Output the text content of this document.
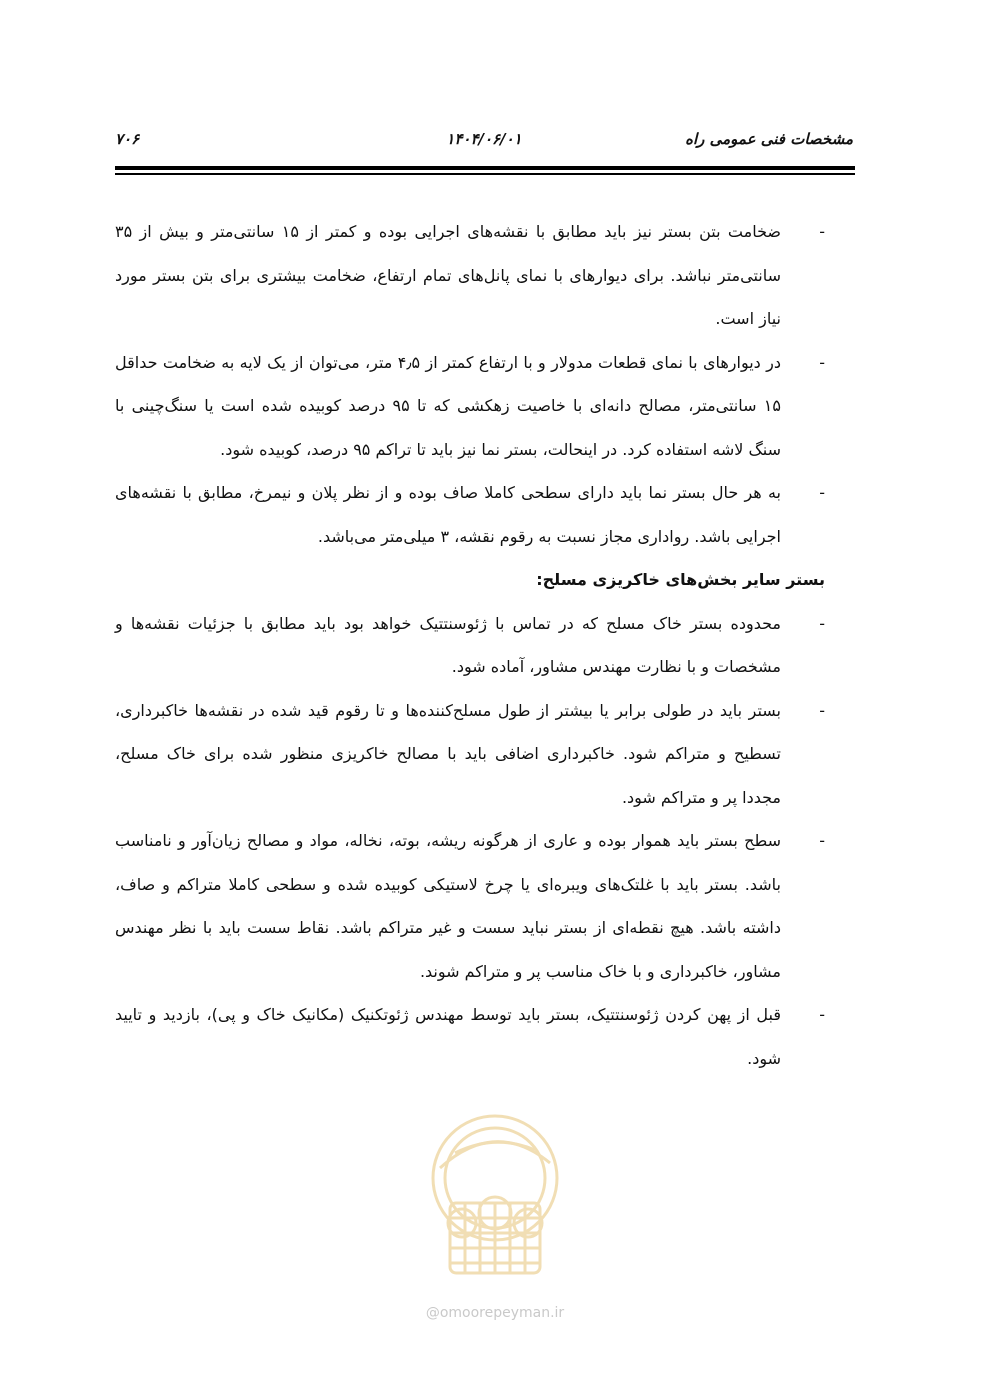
۷۰۶	۱۴۰۴/۰۶/۰۱	مشخصات فنی عمومی راه

-
ضخامت بتن بستر نیز باید مطابق با نقشه‌های اجرایی بوده و کمتر از ۱۵ سانتی‌متر و بیش از ۳۵ سانتی‌متر نباشد. برای دیوارهای با نمای پانل‌های تمام ارتفاع، ضخامت بیشتری برای بتن بستر مورد نیاز است.

-
در دیوارهای با نمای قطعات مدولار و با ارتفاع کمتر از ۴٫۵ متر، می‌توان از یک لایه به ضخامت حداقل ۱۵ سانتی‌متر، مصالح دانه‌ای با خاصیت زهکشی که تا ۹۵ درصد کوبیده شده است یا سنگ‌چینی با سنگ لاشه استفاده کرد. در اینحالت، بستر نما نیز باید تا تراکم ۹۵ درصد، کوبیده شود.

-
به هر حال بستر نما باید دارای سطحی کاملا صاف بوده و از نظر پلان و نیمرخ، مطابق با نقشه‌های اجرایی باشد. رواداری مجاز نسبت به رقوم نقشه، ۳ میلی‌متر می‌باشد.

بستر سایر بخش‌های خاکریزی مسلح:

-
محدوده بستر خاک مسلح که در تماس با ژئوسنتتیک خواهد بود باید مطابق با جزئیات نقشه‌ها و مشخصات و با نظارت مهندس مشاور، آماده شود.

-
بستر باید در طولی برابر یا بیشتر از طول مسلح‌کننده‌ها و تا رقوم قید شده در نقشه‌ها خاکبرداری، تسطیح و متراکم شود. خاکبرداری اضافی باید با مصالح خاکریزی منظور شده برای خاک مسلح، مجددا پر و متراکم شود.

-
سطح بستر باید هموار بوده و عاری از هرگونه ریشه، بوته، نخاله، مواد و مصالح زیان‌آور و نامناسب باشد. بستر باید با غلتک‌های ویبره‌ای یا چرخ لاستیکی کوبیده شده و سطحی کاملا متراکم و صاف، داشته باشد. هیچ نقطه‌ای از بستر نباید سست و غیر متراکم باشد. نقاط سست باید با نظر مهندس مشاور، خاکبرداری و با خاک مناسب پر و متراکم شوند.

-
قبل از پهن کردن ژئوسنتتیک، بستر باید توسط مهندس ژئوتکنیک (مکانیک خاک و پی)، بازدید و تایید شود.

@omoorepeyman.ir
